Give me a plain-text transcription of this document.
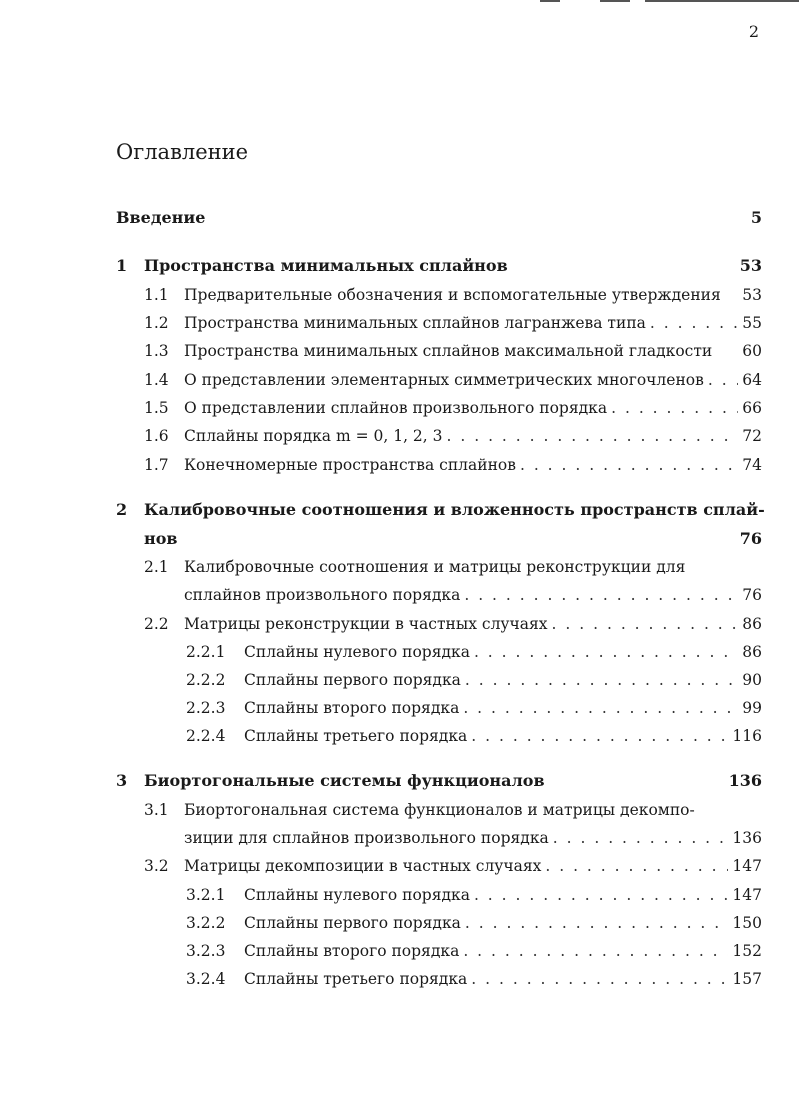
2
Оглавление
Введение	5
1	Пространства минимальных сплайнов	53
1.1 Предварительные обозначения и вспомогательные утверждения 53
1.2 Пространства минимальных сплайнов лагранжева типа . . .	55
1.3 Пространства минимальных сплайнов максимальной гладкости 60
1.4 О представлении элементарных симметрических многочленов . . . 64
1.5 О представлении сплайнов произвольного порядка . . .	66
1.6 Сплайны порядка m = 0, 1, 2, 3 . . .	72
1.7 Конечномерные пространства сплайнов . . .	74
2	Калибровочные соотношения и вложенность пространств сплай-
нов	76
2.1 Калибровочные соотношения и матрицы реконструкции для
сплайнов произвольного порядка . . .	76
2.2 Матрицы реконструкции в частных случаях . . .	86
2.2.1	Сплайны нулевого порядка . . .	86
2.2.2	Сплайны первого порядка . . .	90
2.2.3	Сплайны второго порядка . . .	99
2.2.4	Сплайны третьего порядка . . .	116
3	Биортогональные системы функционалов	136
3.1 Биортогональная система функционалов и матрицы декомпо-
зиции для сплайнов произвольного порядка . . .	136
3.2 Матрицы декомпозиции в частных случаях . . .	147
3.2.1	Сплайны нулевого порядка . . .	147
3.2.2	Сплайны первого порядка . . .	150
3.2.3	Сплайны второго порядка . . .	152
3.2.4	Сплайны третьего порядка . . .	157
